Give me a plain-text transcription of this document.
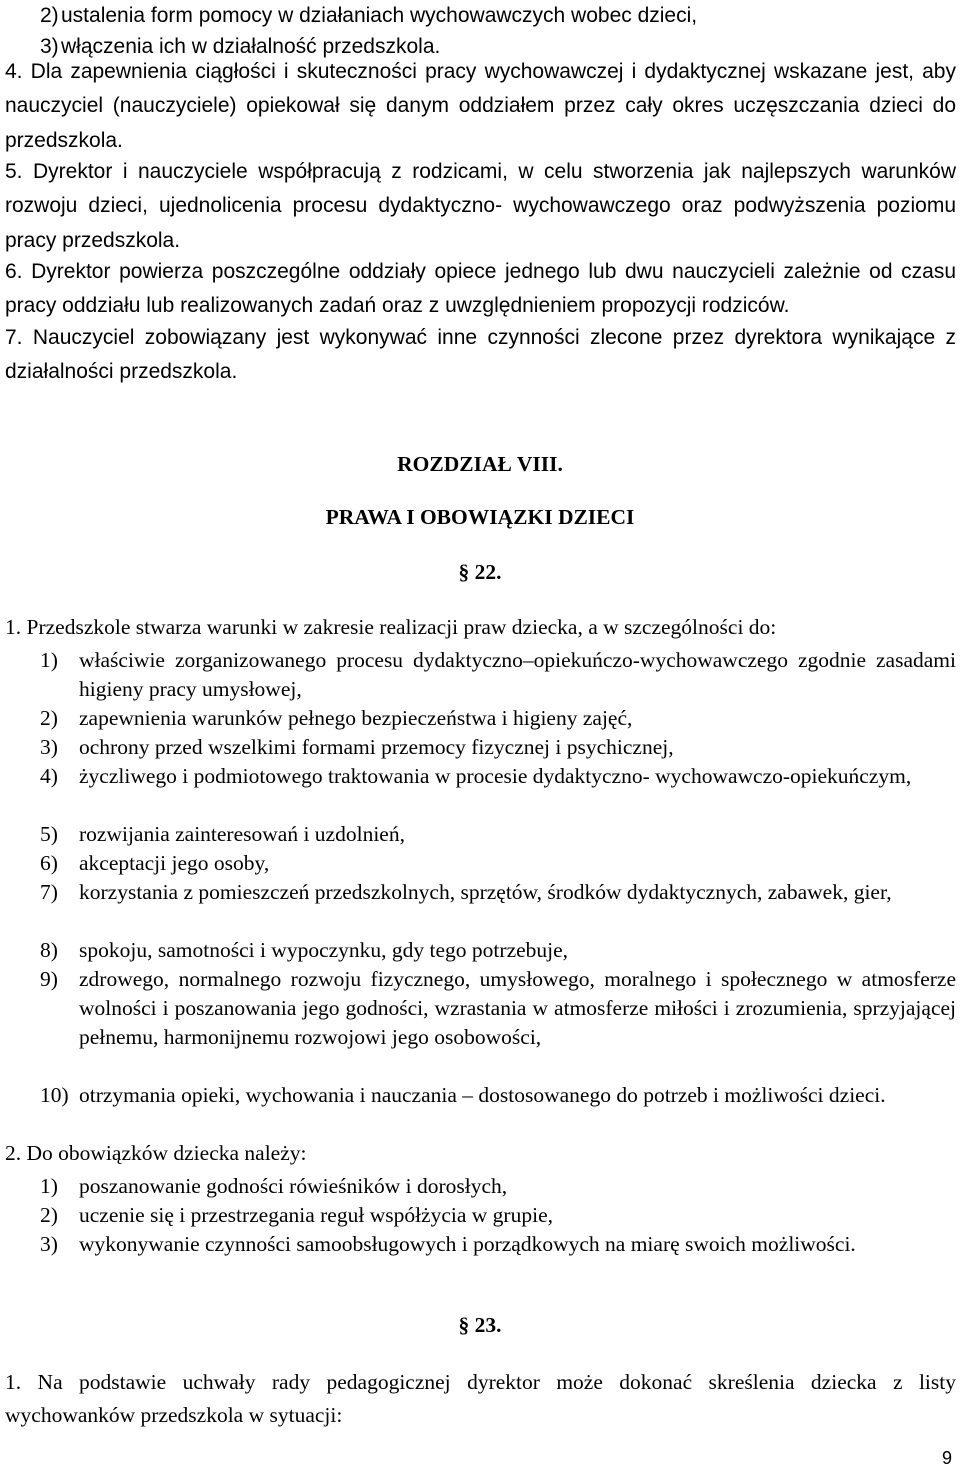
2) ustalenia form pomocy w działaniach wychowawczych wobec dzieci,
3) włączenia ich w działalność przedszkola.
4. Dla zapewnienia ciągłości i skuteczności pracy wychowawczej i dydaktycznej wskazane jest, aby nauczyciel (nauczyciele) opiekował się danym oddziałem przez cały okres uczęszczania dzieci do przedszkola.
5. Dyrektor i nauczyciele współpracują z rodzicami, w celu stworzenia jak najlepszych warunków rozwoju dzieci, ujednolicenia procesu dydaktyczno- wychowawczego oraz podwyższenia poziomu pracy przedszkola.
6. Dyrektor powierza poszczególne oddziały opiece jednego lub dwu nauczycieli zależnie od czasu pracy oddziału lub realizowanych zadań oraz z uwzględnieniem propozycji rodziców.
7. Nauczyciel zobowiązany jest wykonywać inne czynności zlecone przez dyrektora wynikające z działalności przedszkola.
ROZDZIAŁ VIII.
PRAWA I OBOWIĄZKI DZIECI
§ 22.
1. Przedszkole stwarza warunki w zakresie realizacji praw dziecka, a w szczególności do:
1) właściwie zorganizowanego procesu dydaktyczno–opiekuńczo-wychowawczego zgodnie zasadami higieny pracy umysłowej,
2) zapewnienia warunków pełnego bezpieczeństwa i higieny zajęć,
3) ochrony przed wszelkimi formami przemocy fizycznej i psychicznej,
4) życzliwego i podmiotowego traktowania w procesie dydaktyczno- wychowawczo-opiekuńczym,
5) rozwijania zainteresowań i uzdolnień,
6) akceptacji jego osoby,
7) korzystania z pomieszczeń przedszkolnych, sprzętów, środków dydaktycznych, zabawek, gier,
8) spokoju, samotności i wypoczynku, gdy tego potrzebuje,
9) zdrowego, normalnego rozwoju fizycznego, umysłowego, moralnego i społecznego w atmosferze wolności i poszanowania jego godności, wzrastania w atmosferze miłości i zrozumienia, sprzyjającej pełnemu, harmonijnemu rozwojowi jego osobowości,
10) otrzymania opieki, wychowania i nauczania – dostosowanego do potrzeb i możliwości dzieci.
2. Do obowiązków dziecka należy:
1) poszanowanie godności rówieśników i dorosłych,
2) uczenie się i przestrzegania reguł współżycia w grupie,
3) wykonywanie czynności samoobsługowych i porządkowych na miarę swoich możliwości.
§ 23.
1. Na podstawie uchwały rady pedagogicznej dyrektor może dokonać skreślenia dziecka z listy wychowanków przedszkola w sytuacji:
9
